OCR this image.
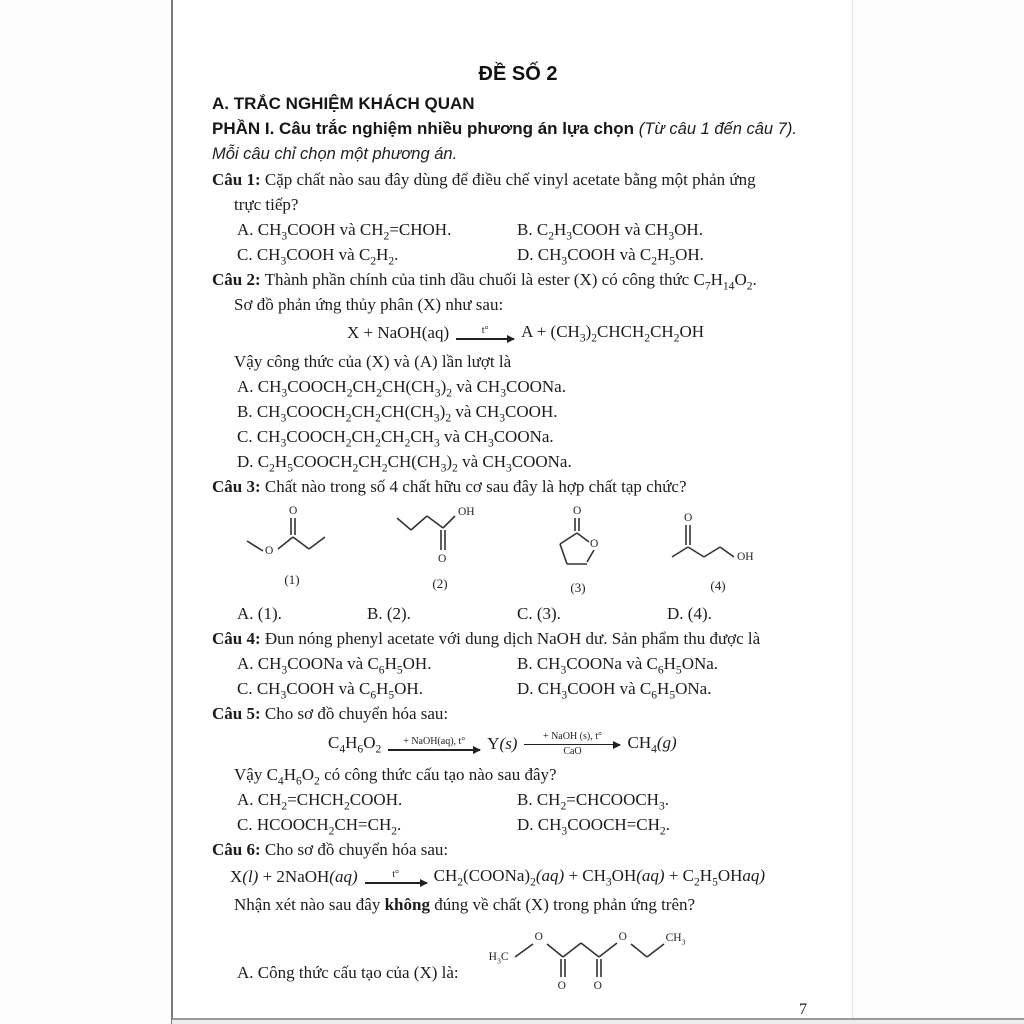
ĐỀ SỐ 2
A. TRẮC NGHIỆM KHÁCH QUAN
PHẦN I. Câu trắc nghiệm nhiều phương án lựa chọn (Từ câu 1 đến câu 7).
Mỗi câu chỉ chọn một phương án.
Câu 1: Cặp chất nào sau đây dùng để điều chế vinyl acetate bằng một phản ứng
trực tiếp?
A. $CH_3COOH$ và $CH_2=CHOH$.	B. $C_2H_3COOH$ và $CH_3OH$.
C. $CH_3COOH$ và $C_2H_2$.	D. $CH_3COOH$ và $C_2H_5OH$.
Câu 2: Thành phần chính của tinh dầu chuối là ester (X) có công thức $C_7H_{14}O_2$.
Sơ đồ phản ứng thủy phân (X) như sau:
X + NaOH(aq)	t° $A + (CH_3)_2CHCH_2CH_2OH$
Vậy công thức của (X) và (A) lần lượt là
A. $CH_3COOCH_2CH_2CH(CH_3)_2$ và $CH_3COONa$.
B. $CH_3COOCH_2CH_2CH(CH_3)_2$ và $CH_3COOH$.
C. $CH_3COOCH_2CH_2CH_2CH_3$ và $CH_3COONa$.
D. $C_2H_5COOCH_2CH_2CH(CH_3)_2$ và $CH_3COONa$.
Câu 3: Chất nào trong số 4 chất hữu cơ sau đây là hợp chất tạp chức?
O
O
(1)
OH
O
(2)
O
O
(3)
O
OH
(4)
A. (1).	B. (2).	C. (3).	D. (4).
Câu 4: Đun nóng phenyl acetate với dung dịch NaOH dư. Sản phẩm thu được là
A. $CH_3COONa$ và $C_6H_5OH$.	B. $CH_3COONa$ và $C_6H_5ONa$.
C. $CH_3COOH$ và $C_6H_5OH$.	D. $CH_3COOH$ và $C_6H_5ONa$.
Câu 5: Cho sơ đồ chuyển hóa sau:
$C_4H_6O_2$
+ NaOH(aq), t° Y(s)	+ NaOH (s), t°
CaO	$CH_4(g)$
Vậy $C_4H_6O_2$ có công thức cấu tạo nào sau đây?
A. $CH_2=CHCH_2COOH$.	B. $CH_2=CHCOOCH_3$.
C. $HCOOCH_2CH=CH_2$.	D. $CH_3COOCH=CH_2$.
Câu 6: Cho sơ đồ chuyển hóa sau:
X(l) + 2NaOH(aq)	t° $CH_2(COONa)_2(aq) + CH_3OH(aq)$ + $C_2H_5OHaq$)
Nhận xét nào sau đây không đúng về chất (X) trong phản ứng trên?
A. Công thức cấu tạo của (X) là:
$H_3C$
O
O O
O	$CH_3$
7
